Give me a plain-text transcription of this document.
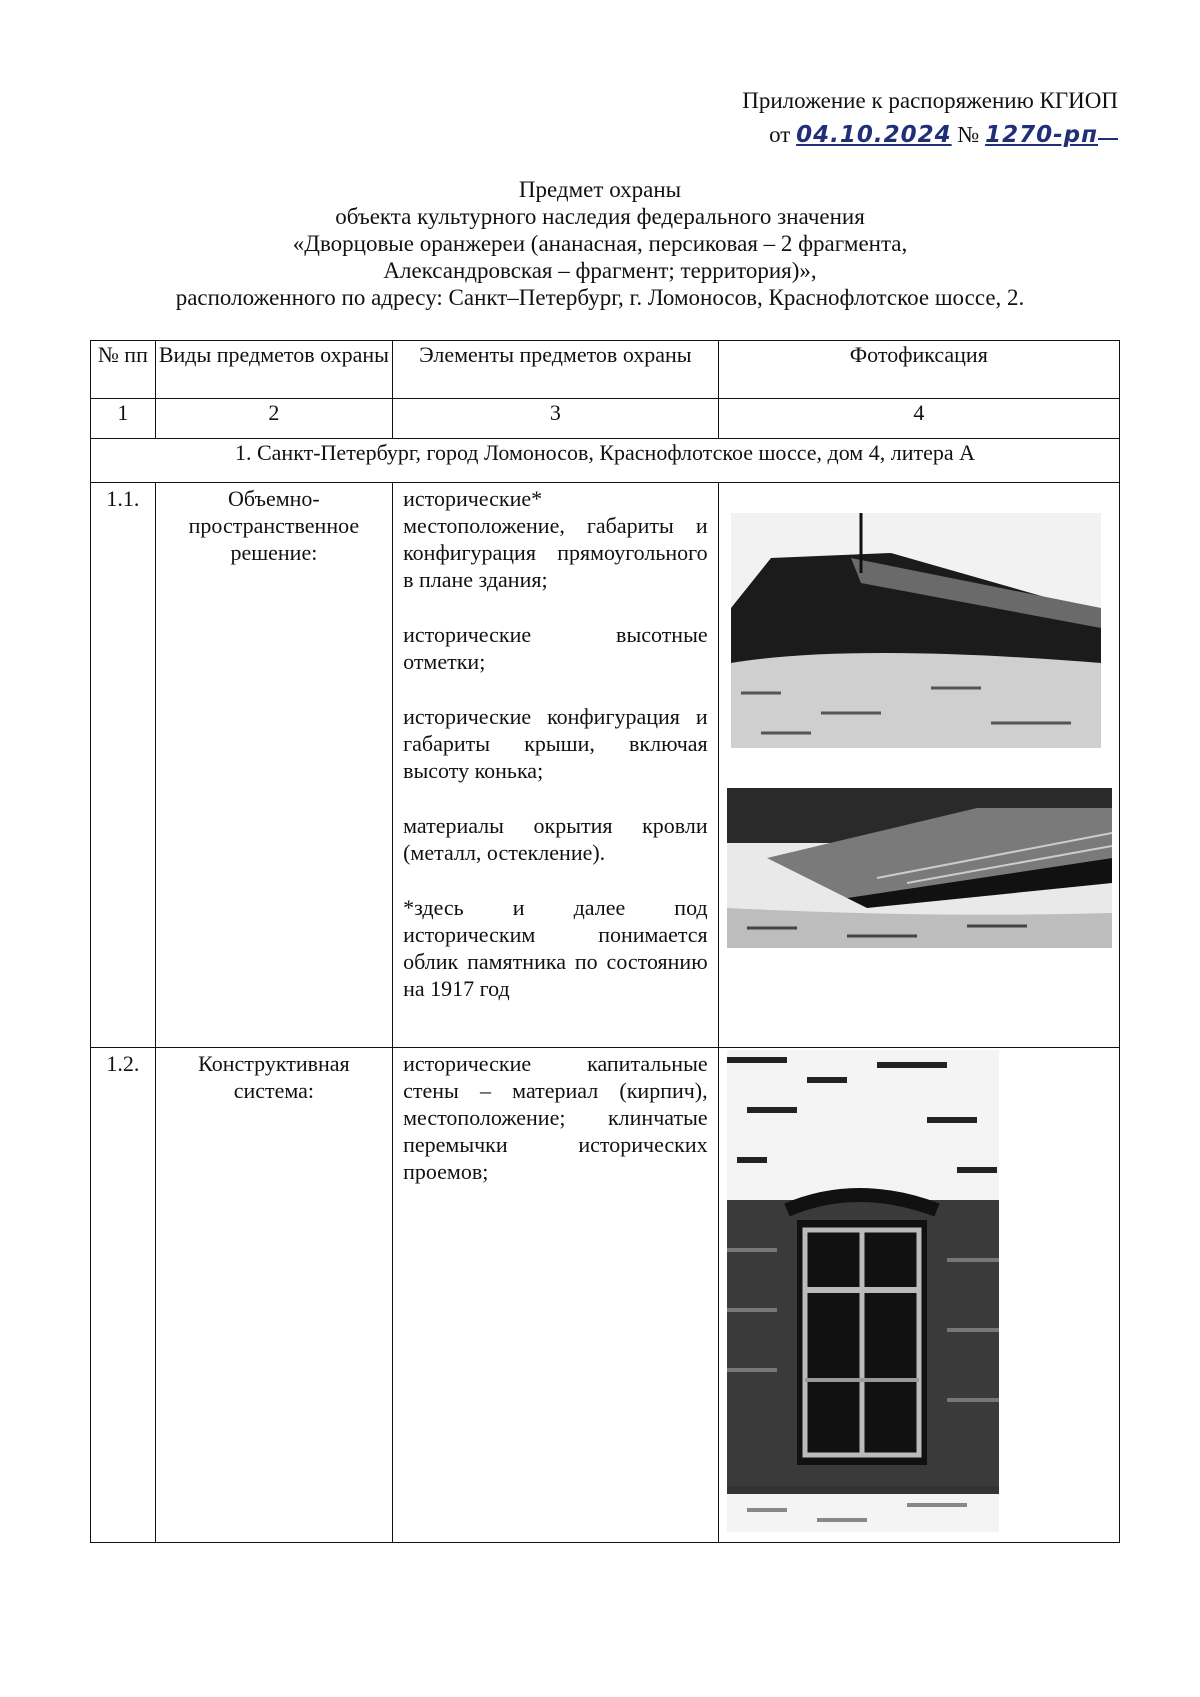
Приложение к распоряжению КГИОП
от 04.10.2024 № 1270-рп
Предмет охраны
объекта культурного наследия федерального значения
«Дворцовые оранжереи (ананасная, персиковая – 2 фрагмента,
Александровская – фрагмент; территория)»,
расположенного по адресу: Санкт–Петербург, г. Ломоносов, Краснофлотское шоссе, 2.
№ пп	Виды предметов охраны	Элементы предметов охраны	Фотофиксация
1	2	3	4
1. Санкт-Петербург, город Ломоносов, Краснофлотское шоссе, дом 4, литера А			
1.1.	Объемно-пространственное решение:	исторические* местоположение, габариты и конфигурация прямоугольного в плане здания;

исторические высотные отметки;

исторические конфигурация и габариты крыши, включая высоту конька;

материалы окрытия кровли (металл, остекление).

*здесь и далее под историческим понимается облик памятника по состоянию на 1917 год

1.2.	Конструктивная система:	исторические капитальные стены – материал (кирпич), местоположение; клинчатые перемычки исторических проемов;
